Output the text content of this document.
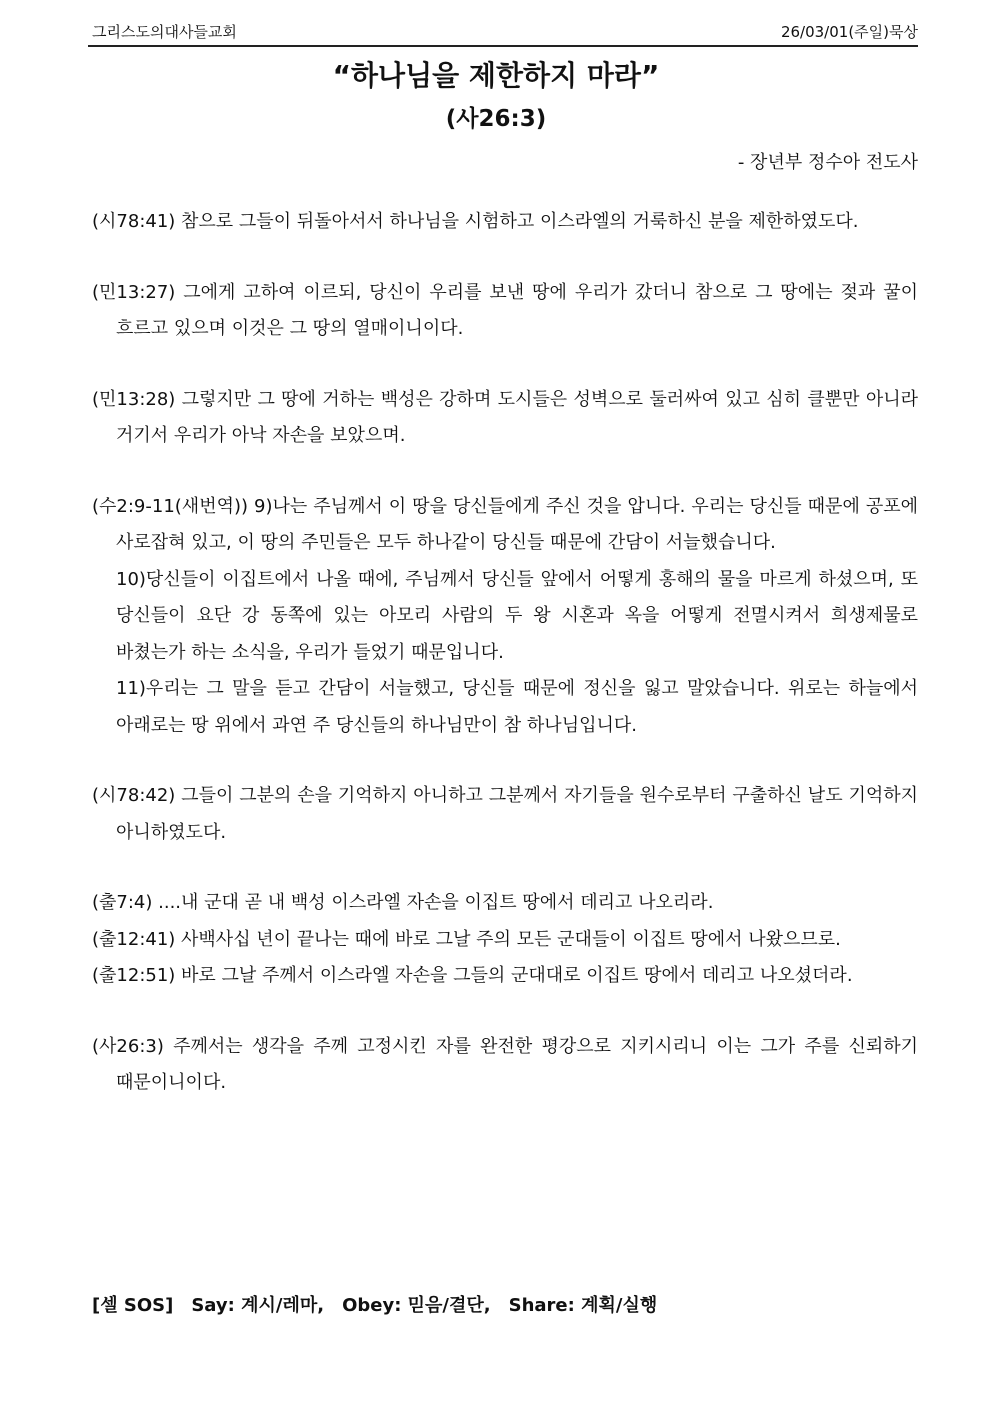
그리스도의대사들교회	26/03/01(주일)묵상
“하나님을 제한하지 마라”
(사26:3)
- 장년부 정수아 전도사

(시78:41) 참으로 그들이 뒤돌아서서 하나님을 시험하고 이스라엘의 거룩하신 분을 제한하였도다.

(민13:27) 그에게 고하여 이르되, 당신이 우리를 보낸 땅에 우리가 갔더니 참으로 그 땅에는 젖과 꿀이 흐르고 있으며 이것은 그 땅의 열매이니이다.

(민13:28) 그렇지만 그 땅에 거하는 백성은 강하며 도시들은 성벽으로 둘러싸여 있고 심히 클뿐만 아니라 거기서 우리가 아낙 자손을 보았으며.

(수2:9-11(새번역)) 9)나는 주님께서 이 땅을 당신들에게 주신 것을 압니다. 우리는 당신들 때문에 공포에 사로잡혀 있고, 이 땅의 주민들은 모두 하나같이 당신들 때문에 간담이 서늘했습니다.

10)당신들이 이집트에서 나올 때에, 주님께서 당신들 앞에서 어떻게 홍해의 물을 마르게 하셨으며, 또 당신들이 요단 강 동쪽에 있는 아모리 사람의 두 왕 시혼과 옥을 어떻게 전멸시켜서 희생제물로 바쳤는가 하는 소식을, 우리가 들었기 때문입니다.

11)우리는 그 말을 듣고 간담이 서늘했고, 당신들 때문에 정신을 잃고 말았습니다. 위로는 하늘에서 아래로는 땅 위에서 과연 주 당신들의 하나님만이 참 하나님입니다.

(시78:42) 그들이 그분의 손을 기억하지 아니하고 그분께서 자기들을 원수로부터 구출하신 날도 기억하지 아니하였도다.

(출7:4) ....내 군대 곧 내 백성 이스라엘 자손을 이집트 땅에서 데리고 나오리라.

(출12:41) 사백사십 년이 끝나는 때에 바로 그날 주의 모든 군대들이 이집트 땅에서 나왔으므로.

(출12:51) 바로 그날 주께서 이스라엘 자손을 그들의 군대대로 이집트 땅에서 데리고 나오셨더라.

(사26:3) 주께서는 생각을 주께 고정시킨 자를 완전한 평강으로 지키시리니 이는 그가 주를 신뢰하기 때문이니이다.

[셀 SOS] Say: 계시/레마, Obey: 믿음/결단, Share: 계획/실행
